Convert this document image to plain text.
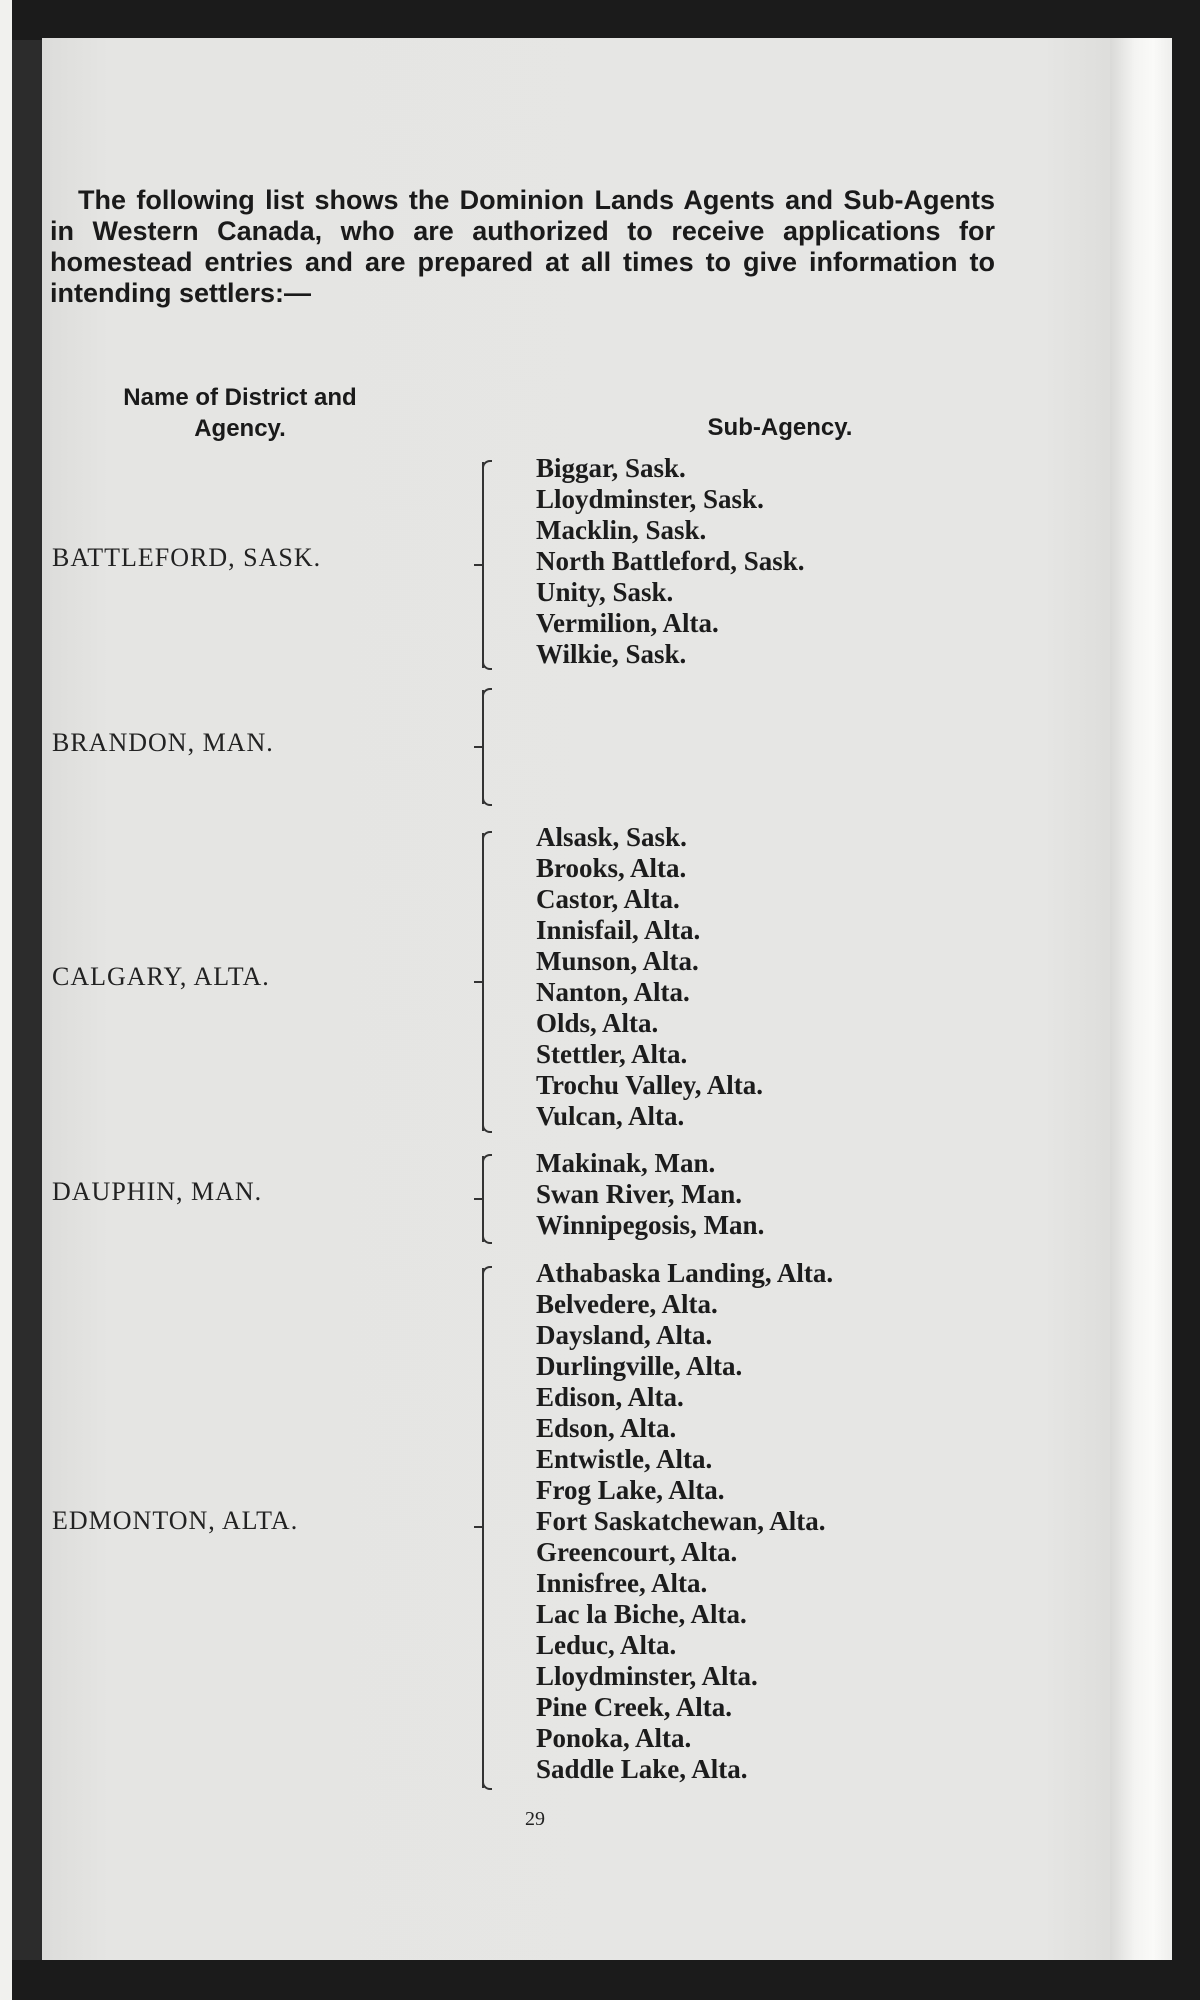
The following list shows the Dominion Lands Agents and Sub-Agents in Western Canada, who are authorized to receive applications for homestead entries and are prepared at all times to give information to intending settlers:—

Name of District and
Agency.	Sub-Agency.
BATTLEFORD, SASK.
Biggar, Sask.
Lloydminster, Sask.
Macklin, Sask.
North Battleford, Sask.
Unity, Sask.
Vermilion, Alta.
Wilkie, Sask.
BRANDON, MAN.
CALGARY, ALTA.
Alsask, Sask.
Brooks, Alta.
Castor, Alta.
Innisfail, Alta.
Munson, Alta.
Nanton, Alta.
Olds, Alta.
Stettler, Alta.
Trochu Valley, Alta.
Vulcan, Alta.
DAUPHIN, MAN.
Makinak, Man.
Swan River, Man.
Winnipegosis, Man.
EDMONTON, ALTA.
Athabaska Landing, Alta.
Belvedere, Alta.
Daysland, Alta.
Durlingville, Alta.
Edison, Alta.
Edson, Alta.
Entwistle, Alta.
Frog Lake, Alta.
Fort Saskatchewan, Alta.
Greencourt, Alta.
Innisfree, Alta.
Lac la Biche, Alta.
Leduc, Alta.
Lloydminster, Alta.
Pine Creek, Alta.
Ponoka, Alta.
Saddle Lake, Alta.
29
